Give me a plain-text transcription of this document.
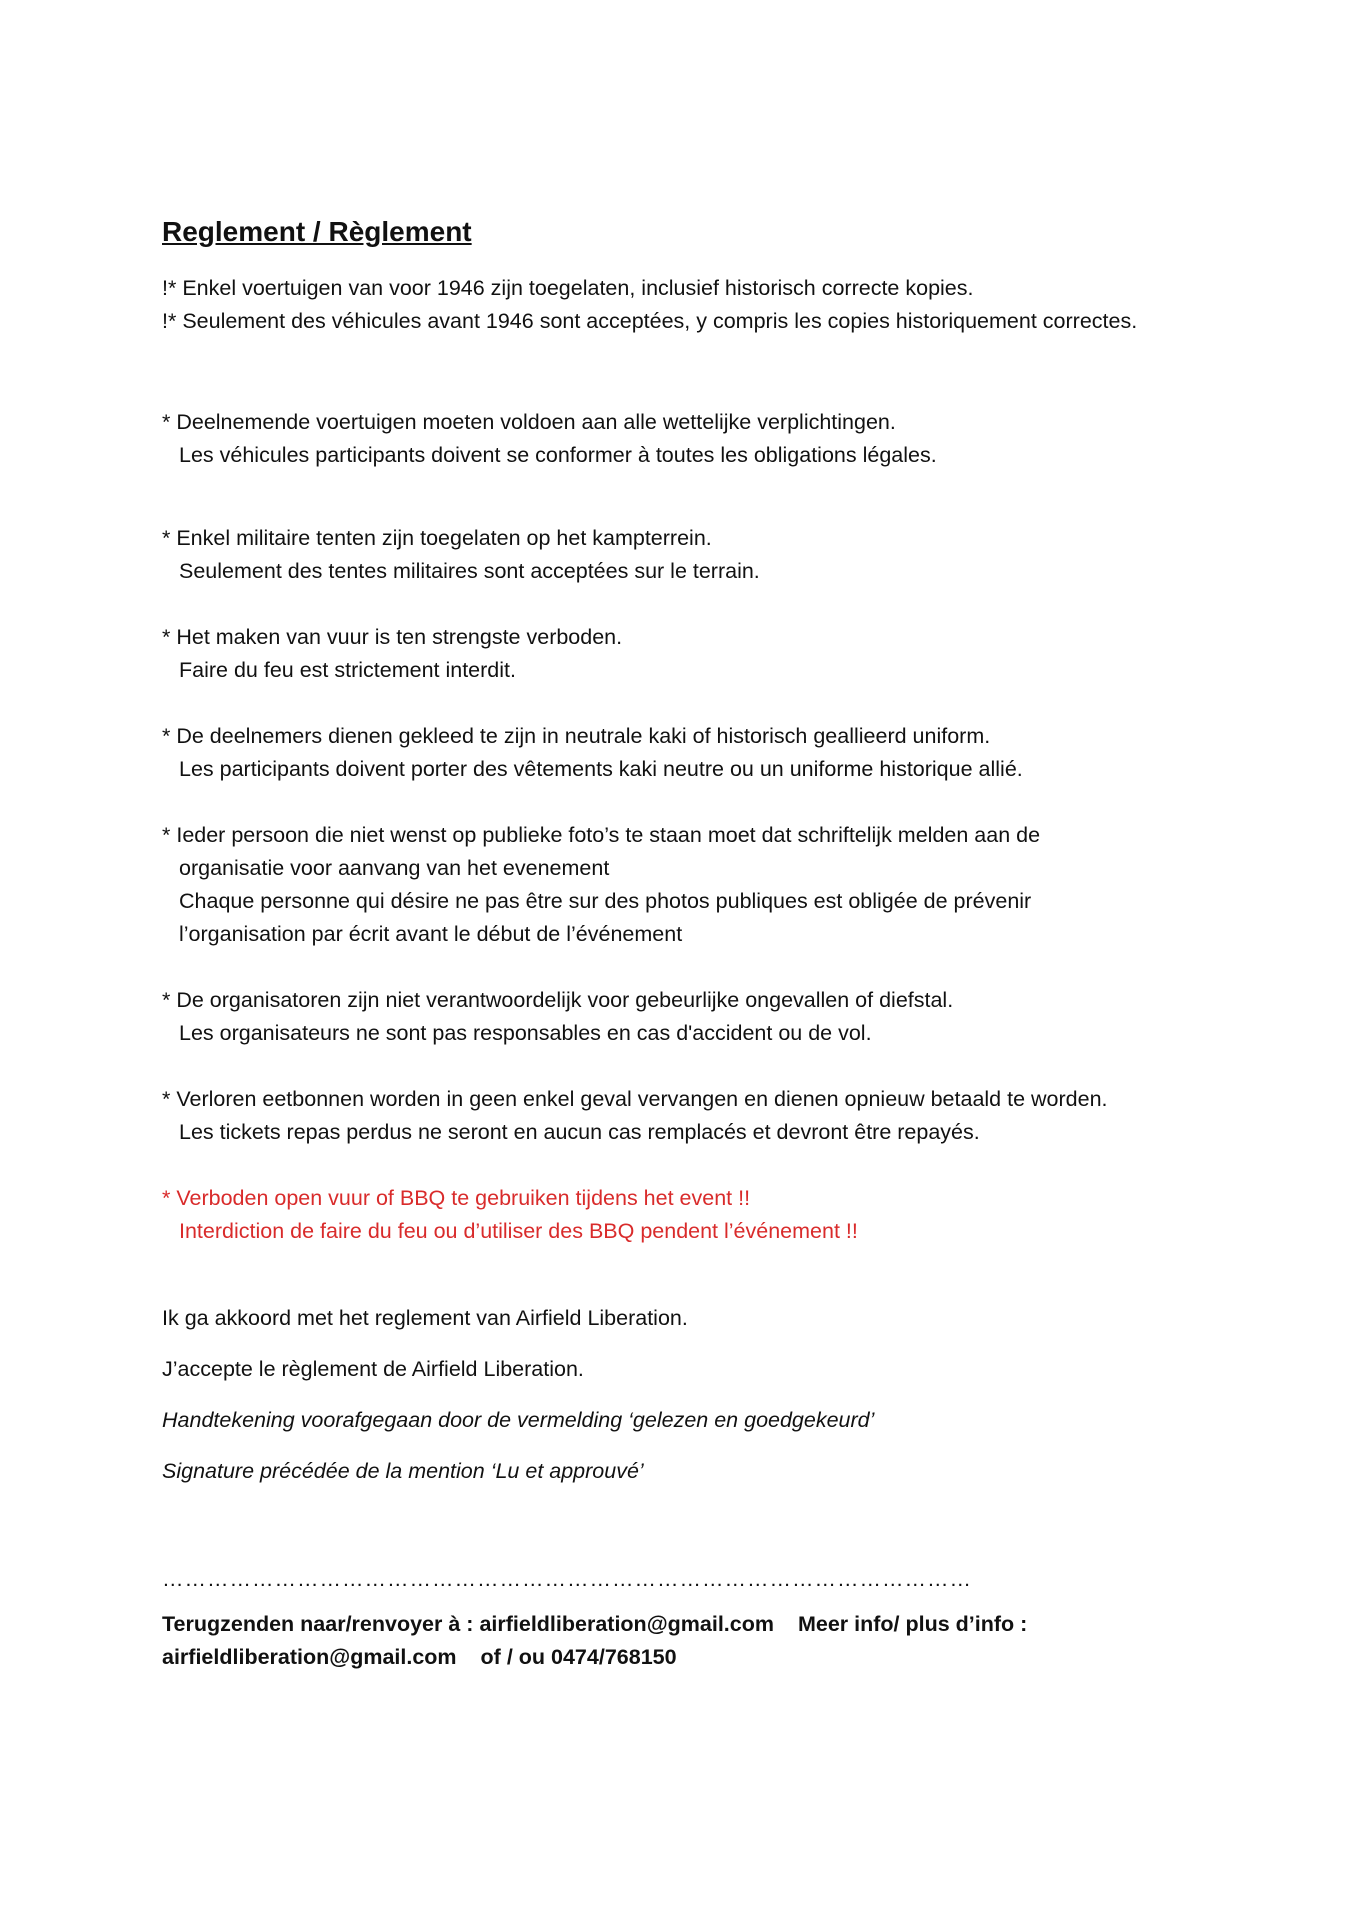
Reglement / Règlement

!* Enkel voertuigen van voor 1946 zijn toegelaten, inclusief historisch correcte kopies.

!* Seulement des véhicules avant 1946 sont acceptées, y compris les copies historiquement correctes.

* Deelnemende voertuigen moeten voldoen aan alle wettelijke verplichtingen.

Les véhicules participants doivent se conformer à toutes les obligations légales.

* Enkel militaire tenten zijn toegelaten op het kampterrein.

Seulement des tentes militaires sont acceptées sur le terrain.

* Het maken van vuur is ten strengste verboden.

Faire du feu est strictement interdit.

* De deelnemers dienen gekleed te zijn in neutrale kaki of historisch geallieerd uniform.

Les participants doivent porter des vêtements kaki neutre ou un uniforme historique allié.

* Ieder persoon die niet wenst op publieke foto’s te staan moet dat schriftelijk melden aan de

organisatie voor aanvang van het evenement

Chaque personne qui désire ne pas être sur des photos publiques est obligée de prévenir

l’organisation par écrit avant le début de l’événement

* De organisatoren zijn niet verantwoordelijk voor gebeurlijke ongevallen of diefstal.

Les organisateurs ne sont pas responsables en cas d'accident ou de vol.

* Verloren eetbonnen worden in geen enkel geval vervangen en dienen opnieuw betaald te worden.

Les tickets repas perdus ne seront en aucun cas remplacés et devront être repayés.

* Verboden open vuur of BBQ te gebruiken tijdens het event !!

Interdiction de faire du feu ou d’utiliser des BBQ pendent l’événement !!

Ik ga akkoord met het reglement van Airfield Liberation.

J’accepte le règlement de Airfield Liberation.

Handtekening voorafgegaan door de vermelding ‘gelezen en goedgekeurd’

Signature précédée de la mention ‘Lu et approuvé’

………………………………………………………………………………………………

Terugzenden naar/renvoyer à : airfieldliberation@gmail.com Meer info/ plus d’info :
airfieldliberation@gmail.com of / ou 0474/768150
